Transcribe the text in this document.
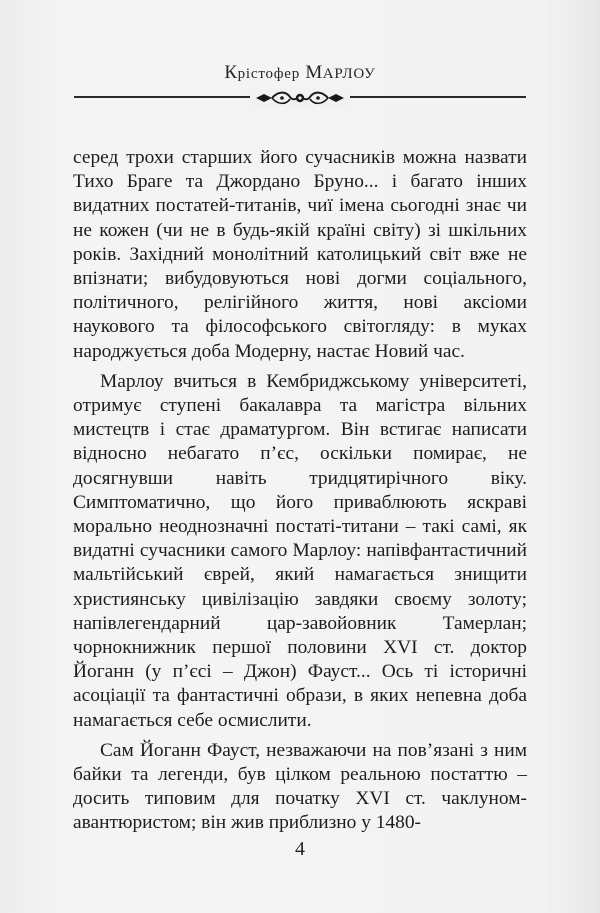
Крістофер МАРЛОУ

серед трохи старших його сучасників можна назвати Тихо Браге та Джордано Бруно... і багато інших видатних постатей-титанів, чиї імена сьогодні знає чи не кожен (чи не в будь-якій країні світу) зі шкільних років. Західний монолітний католицький світ вже не впізнати; вибудовуються нові догми соціального, політичного, релігійного життя, нові аксіоми наукового та філософського світогляду: в муках народжується доба Модерну, настає Новий час.

Марлоу вчиться в Кембриджському університеті, отримує ступені бакалавра та магістра вільних мистецтв і стає драматургом. Він встигає написати відносно небагато п’єс, оскільки помирає, не досягнувши навіть тридцятирічного віку. Симптоматично, що його приваблюють яскраві морально неоднозначні постаті-титани – такі самі, як видатні сучасники самого Марлоу: напівфантастичний мальтійський єврей, який намагається знищити християнську цивілізацію завдяки своєму золоту; напівлегендарний цар-завойовник Тамерлан; чорнокнижник першої половини XVI ст. доктор Йоганн (у п’єсі – Джон) Фауст... Ось ті історичні асоціації та фантастичні образи, в яких непевна доба намагається себе осмислити.

Сам Йоганн Фауст, незважаючи на пов’язані з ним байки та легенди, був цілком реальною постаттю – досить типовим для початку XVI ст. чаклуном-авантюристом; він жив приблизно у 1480-

4
